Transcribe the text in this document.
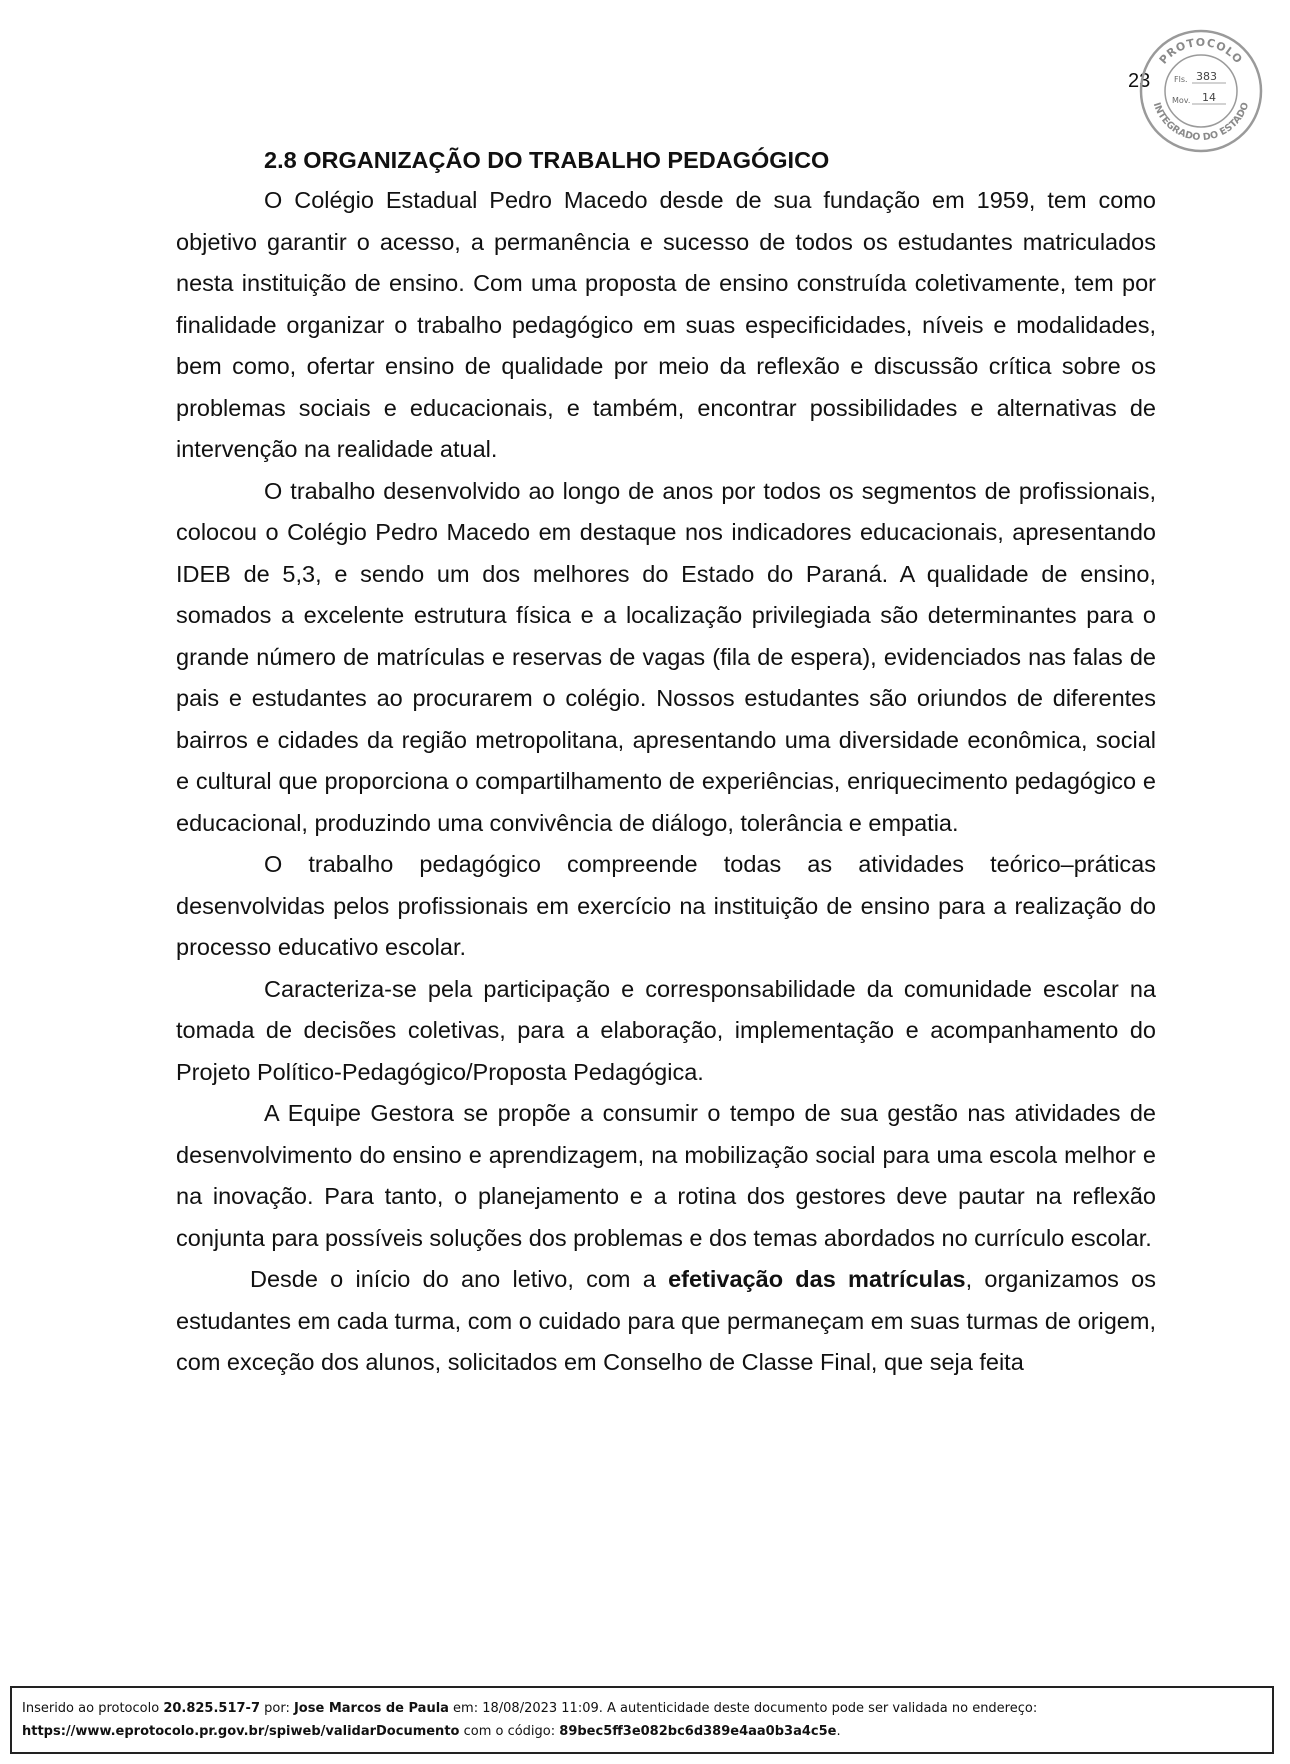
23
PROTOCOLO
INTEGRADO DO ESTADO
Fls. 383
Mov. 14
2.8 ORGANIZAÇÃO DO TRABALHO PEDAGÓGICO

O Colégio Estadual Pedro Macedo desde de sua fundação em 1959, tem como objetivo garantir o acesso, a permanência e sucesso de todos os estudantes matriculados nesta instituição de ensino. Com uma proposta de ensino construída coletivamente, tem por finalidade organizar o trabalho pedagógico em suas especificidades, níveis e modalidades, bem como, ofertar ensino de qualidade por meio da reflexão e discussão crítica sobre os problemas sociais e educacionais, e também, encontrar possibilidades e alternativas de intervenção na realidade atual.

O trabalho desenvolvido ao longo de anos por todos os segmentos de profissionais, colocou o Colégio Pedro Macedo em destaque nos indicadores educacionais, apresentando IDEB de 5,3, e sendo um dos melhores do Estado do Paraná. A qualidade de ensino, somados a excelente estrutura física e a localização privilegiada são determinantes para o grande número de matrículas e reservas de vagas (fila de espera), evidenciados nas falas de pais e estudantes ao procurarem o colégio. Nossos estudantes são oriundos de diferentes bairros e cidades da região metropolitana, apresentando uma diversidade econômica, social e cultural que proporciona o compartilhamento de experiências, enriquecimento pedagógico e educacional, produzindo uma convivência de diálogo, tolerância e empatia.

O trabalho pedagógico compreende todas as atividades teórico–práticas desenvolvidas pelos profissionais em exercício na instituição de ensino para a realização do processo educativo escolar.

Caracteriza-se pela participação e corresponsabilidade da comunidade escolar na tomada de decisões coletivas, para a elaboração, implementação e acompanhamento do Projeto Político-Pedagógico/Proposta Pedagógica.

A Equipe Gestora se propõe a consumir o tempo de sua gestão nas atividades de desenvolvimento do ensino e aprendizagem, na mobilização social para uma escola melhor e na inovação. Para tanto, o planejamento e a rotina dos gestores deve pautar na reflexão conjunta para possíveis soluções dos problemas e dos temas abordados no currículo escolar.

Desde o início do ano letivo, com a efetivação das matrículas, organizamos os estudantes em cada turma, com o cuidado para que permaneçam em suas turmas de origem, com exceção dos alunos, solicitados em Conselho de Classe Final, que seja feita

Inserido ao protocolo 20.825.517-7 por: Jose Marcos de Paula em: 18/08/2023 11:09. A autenticidade deste documento pode ser validada no endereço:
https://www.eprotocolo.pr.gov.br/spiweb/validarDocumento com o código: 89bec5ff3e082bc6d389e4aa0b3a4c5e.
